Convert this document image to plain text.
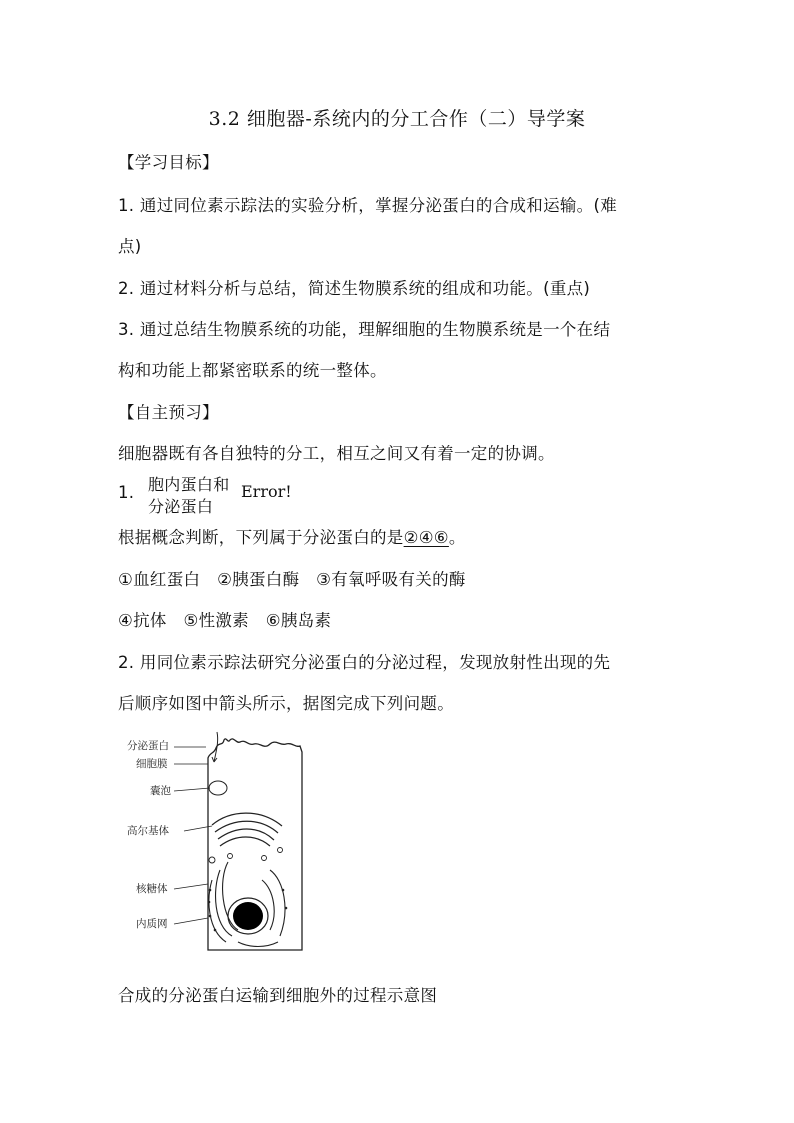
3.2 细胞器-系统内的分工合作（二）导学案
【学习目标】
1. 通过同位素示踪法的实验分析，掌握分泌蛋白的合成和运输。(难
点)
2. 通过材料分析与总结，简述生物膜系统的组成和功能。(重点)
3. 通过总结生物膜系统的功能，理解细胞的生物膜系统是一个在结
构和功能上都紧密联系的统一整体。
【自主预习】
细胞器既有各自独特的分工，相互之间又有着一定的协调。
1. 胞内蛋白和
分泌蛋白
Error!
根据概念判断，下列属于分泌蛋白的是②④⑥。
①血红蛋白　②胰蛋白酶　③有氧呼吸有关的酶
④抗体　⑤性激素　⑥胰岛素
2. 用同位素示踪法研究分泌蛋白的分泌过程，发现放射性出现的先
后顺序如图中箭头所示，据图完成下列问题。
分泌蛋白
细胞膜
囊泡
高尔基体
核糖体
内质网
合成的分泌蛋白运输到细胞外的过程示意图
